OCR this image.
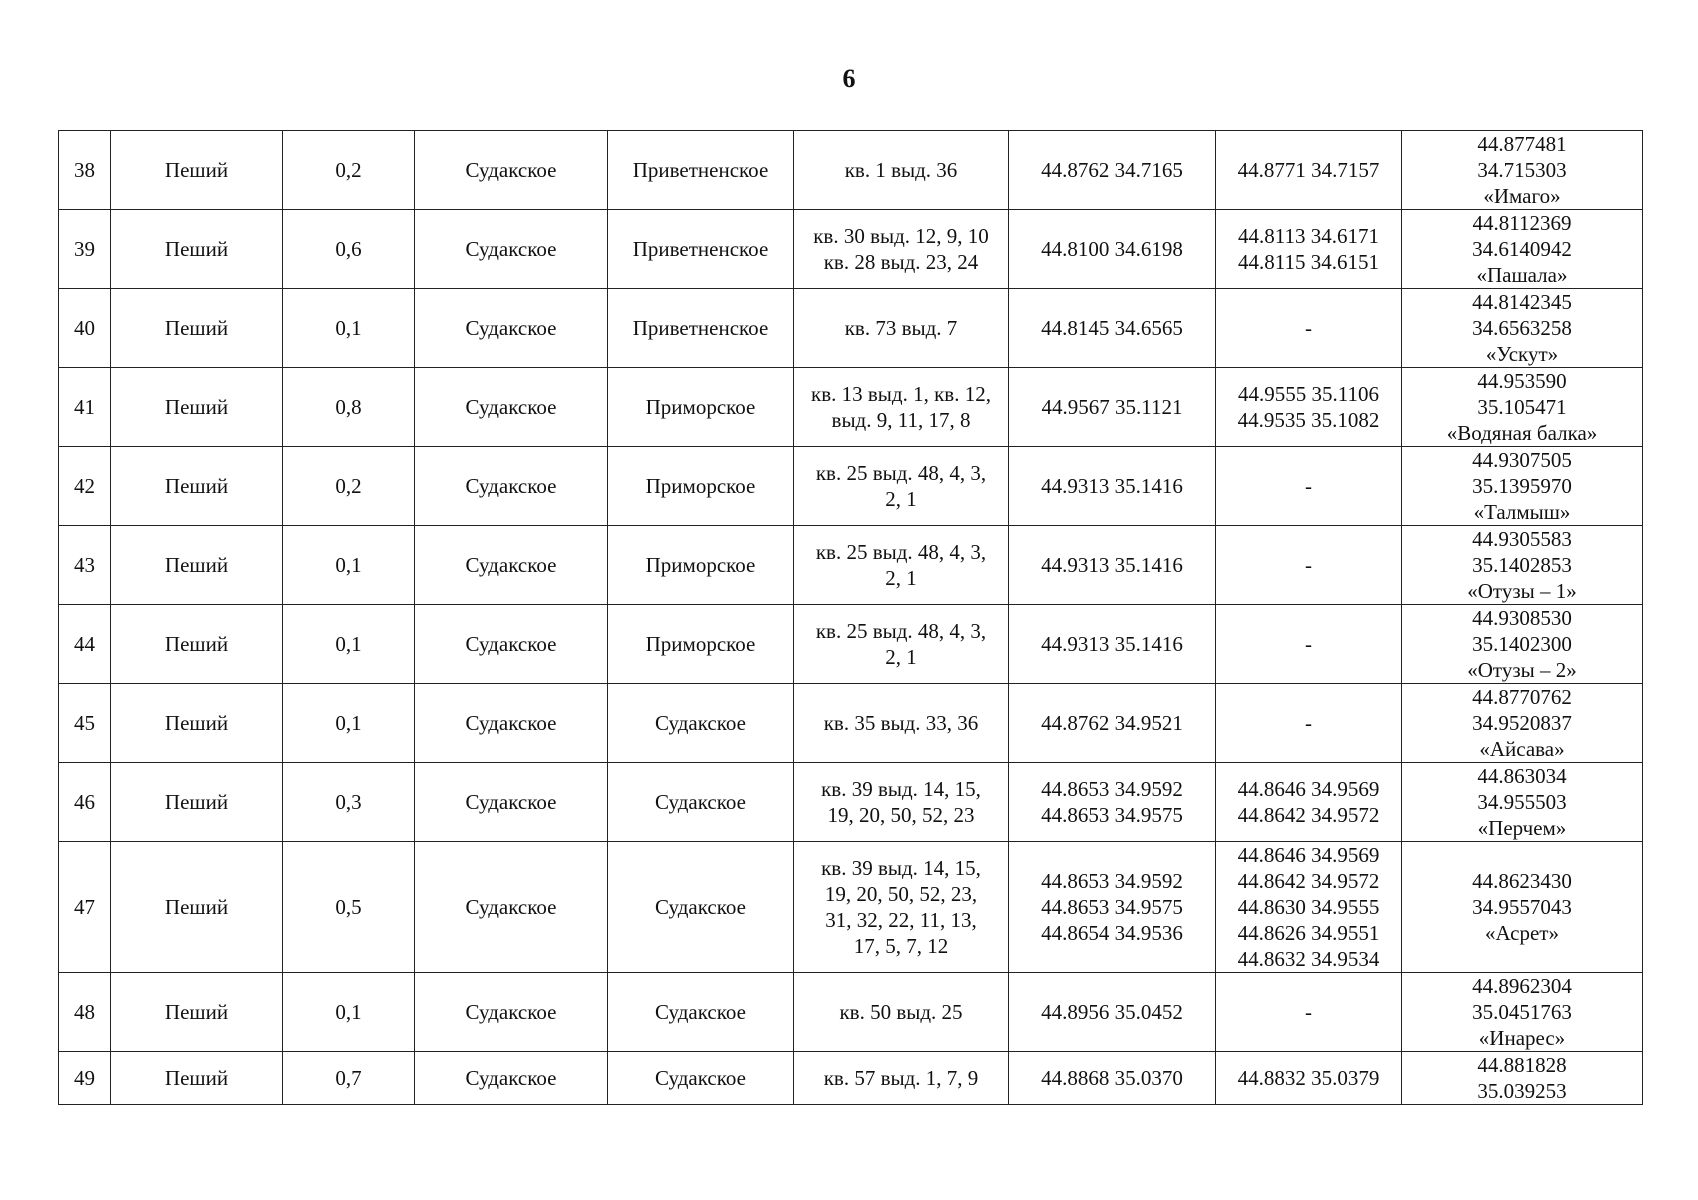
6
38	Пеший	0,2	Судакское	Приветненское	кв. 1 выд. 36	44.8762 34.7165	44.8771 34.7157	44.877481
34.715303
«Имаго»
39	Пеший	0,6	Судакское	Приветненское	кв. 30 выд. 12, 9, 10
кв. 28 выд. 23, 24	44.8100 34.6198	44.8113 34.6171
44.8115 34.6151	44.8112369
34.6140942
«Пашала»
40	Пеший	0,1	Судакское	Приветненское	кв. 73 выд. 7	44.8145 34.6565	-	44.8142345
34.6563258
«Ускут»
41	Пеший	0,8	Судакское	Приморское	кв. 13 выд. 1, кв. 12,
выд. 9, 11, 17, 8	44.9567 35.1121	44.9555 35.1106
44.9535 35.1082	44.953590
35.105471
«Водяная балка»
42	Пеший	0,2	Судакское	Приморское	кв. 25 выд. 48, 4, 3,
2, 1	44.9313 35.1416	-	44.9307505
35.1395970
«Талмыш»
43	Пеший	0,1	Судакское	Приморское	кв. 25 выд. 48, 4, 3,
2, 1	44.9313 35.1416	-	44.9305583
35.1402853
«Отузы – 1»
44	Пеший	0,1	Судакское	Приморское	кв. 25 выд. 48, 4, 3,
2, 1	44.9313 35.1416	-	44.9308530
35.1402300
«Отузы – 2»
45	Пеший	0,1	Судакское	Судакское	кв. 35 выд. 33, 36	44.8762 34.9521	-	44.8770762
34.9520837
«Айсава»
46	Пеший	0,3	Судакское	Судакское	кв. 39 выд. 14, 15,
19, 20, 50, 52, 23	44.8653 34.9592
44.8653 34.9575	44.8646 34.9569
44.8642 34.9572	44.863034
34.955503
«Перчем»
47	Пеший	0,5	Судакское	Судакское	кв. 39 выд. 14, 15,
19, 20, 50, 52, 23,
31, 32, 22, 11, 13,
17, 5, 7, 12	44.8653 34.9592
44.8653 34.9575
44.8654 34.9536	44.8646 34.9569
44.8642 34.9572
44.8630 34.9555
44.8626 34.9551
44.8632 34.9534	44.8623430
34.9557043
«Асрет»
48	Пеший	0,1	Судакское	Судакское	кв. 50 выд. 25	44.8956 35.0452	-	44.8962304
35.0451763
«Инарес»
49	Пеший	0,7	Судакское	Судакское	кв. 57 выд. 1, 7, 9	44.8868 35.0370	44.8832 35.0379	44.881828
35.039253
